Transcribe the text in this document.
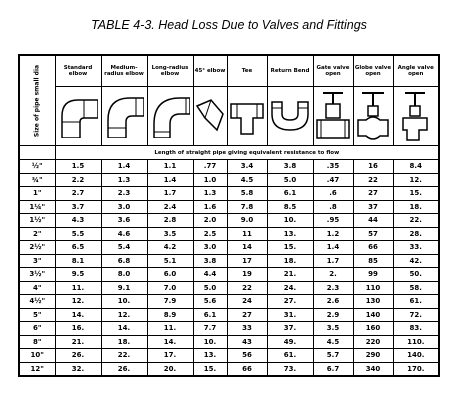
TABLE 4-3. Head Loss Due to Valves and Fittings
Size of pipe small dia	Standard elbow	Medium-radius elbow	Long-radius elbow	45° elbow	Tee	Return Bend	Gate valve open	Globe valve open	Angle valve open

	Length of straight pipe giving equivalent resistance to flow								
½"	1.5	1.4	1.1	.77	3.4	3.8	.35	16	8.4
¾"	2.2	1.3	1.4	1.0	4.5	5.0	.47	22	12.
1"	2.7	2.3	1.7	1.3	5.8	6.1	.6	27	15.
1¼"	3.7	3.0	2.4	1.6	7.8	8.5	.8	37	18.
1½"	4.3	3.6	2.8	2.0	9.0	10.	.95	44	22.
2"	5.5	4.6	3.5	2.5	11	13.	1.2	57	28.
2½"	6.5	5.4	4.2	3.0	14	15.	1.4	66	33.
3"	8.1	6.8	5.1	3.8	17	18.	1.7	85	42.
3½"	9.5	8.0	6.0	4.4	19	21.	2.	99	50.
4"	11.	9.1	7.0	5.0	22	24.	2.3	110	58.
4½"	12.	10.	7.9	5.6	24	27.	2.6	130	61.
5"	14.	12.	8.9	6.1	27	31.	2.9	140	72.
6"	16.	14.	11.	7.7	33	37.	3.5	160	83.
8"	21.	18.	14.	10.	43	49.	4.5	220	110.
10"	26.	22.	17.	13.	56	61.	5.7	290	140.
12"	32.	26.	20.	15.	66	73.	6.7	340	170.
